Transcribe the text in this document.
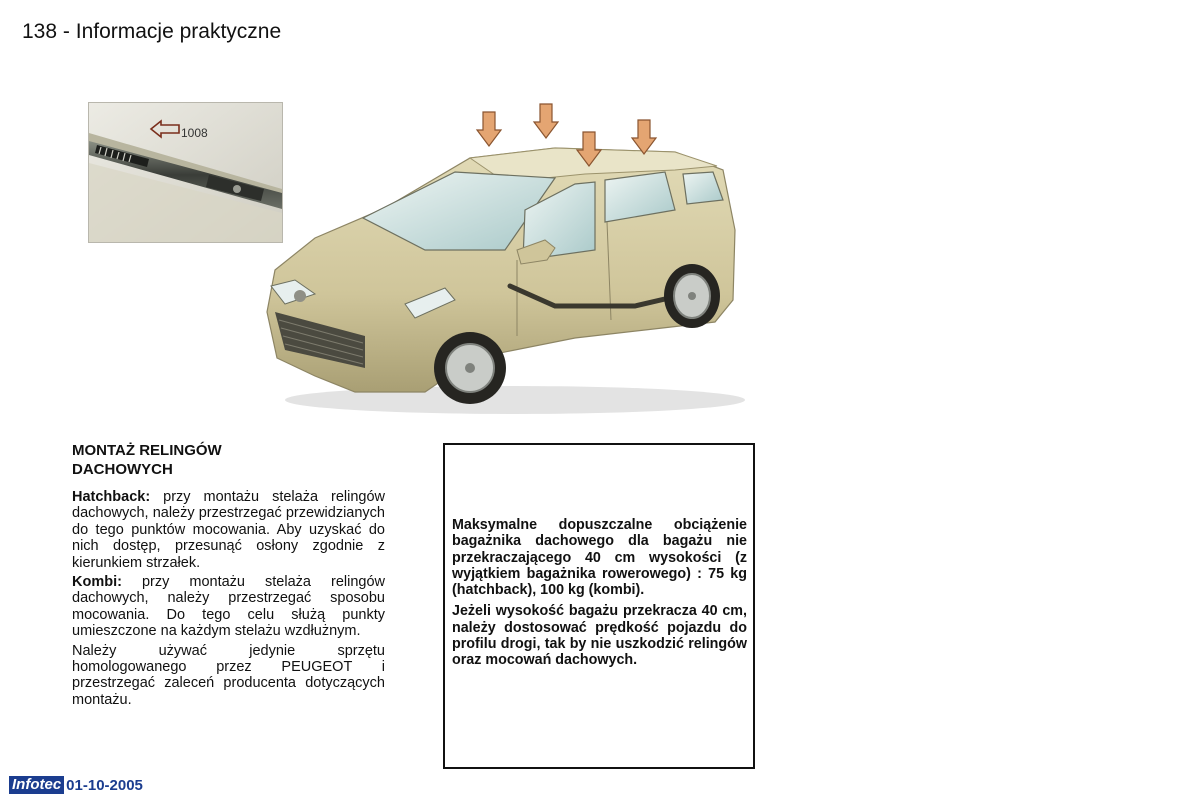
138 - Informacje praktyczne
1008
MONTAŻ RELINGÓW
DACHOWYCH

Hatchback: przy montażu stelaża relingów dachowych, należy przestrzegać przewidzianych do tego punktów mocowania. Aby uzyskać do nich dostęp, przesunąć osłony zgodnie z kierunkiem strzałek.

Kombi: przy montażu stelaża relingów dachowych, należy przestrzegać sposobu mocowania. Do tego celu służą punkty umieszczone na każdym stelażu wzdłużnym.

Należy używać jedynie sprzętu homologowanego przez PEUGEOT i przestrzegać zaleceń producenta dotyczących montażu.

Maksymalne dopuszczalne obciążenie bagażnika dachowego dla bagażu nie przekraczającego 40 cm wysokości (z wyjątkiem bagażnika rowerowego) : 75 kg (hatchback), 100 kg (kombi).

Jeżeli wysokość bagażu przekracza 40 cm, należy dostosować prędkość pojazdu do profilu drogi, tak by nie uszkodzić relingów oraz mocowań dachowych.

Infotec 01-10-2005
